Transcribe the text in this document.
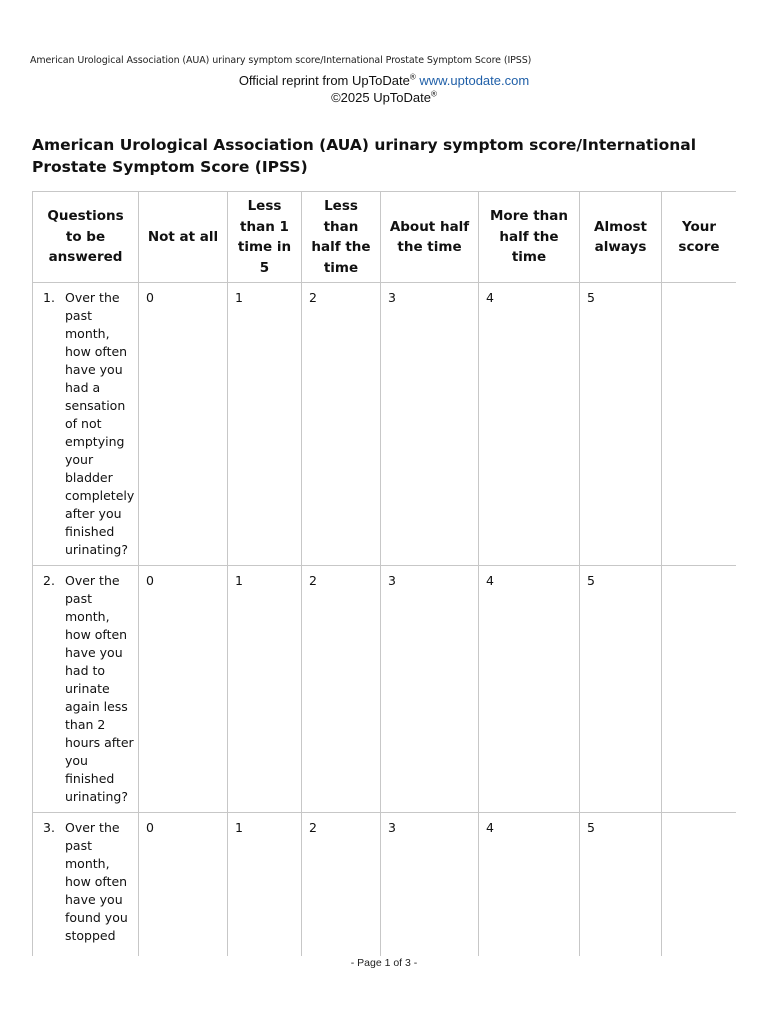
American Urological Association (AUA) urinary symptom score/International Prostate Symptom Score (IPSS)
Official reprint from UpToDate® www.uptodate.com
©2025 UpToDate®
American Urological Association (AUA) urinary symptom score/International Prostate Symptom Score (IPSS)
Questions to be answered	Not at all	Less than 1 time in 5	Less than half the time	About half the time	More than half the time	Almost always	Your score

1. Over the past month, how often have you had a sensation of not emptying your bladder completely after you finished urinating?	0	1	2	3	4	5	

2. Over the past month, how often have you had to urinate again less than 2 hours after you finished urinating?	0	1	2	3	4	5	

3. Over the past month, how often have you found you stopped	0	1	2	3	4	5	
- Page 1 of 3 -
